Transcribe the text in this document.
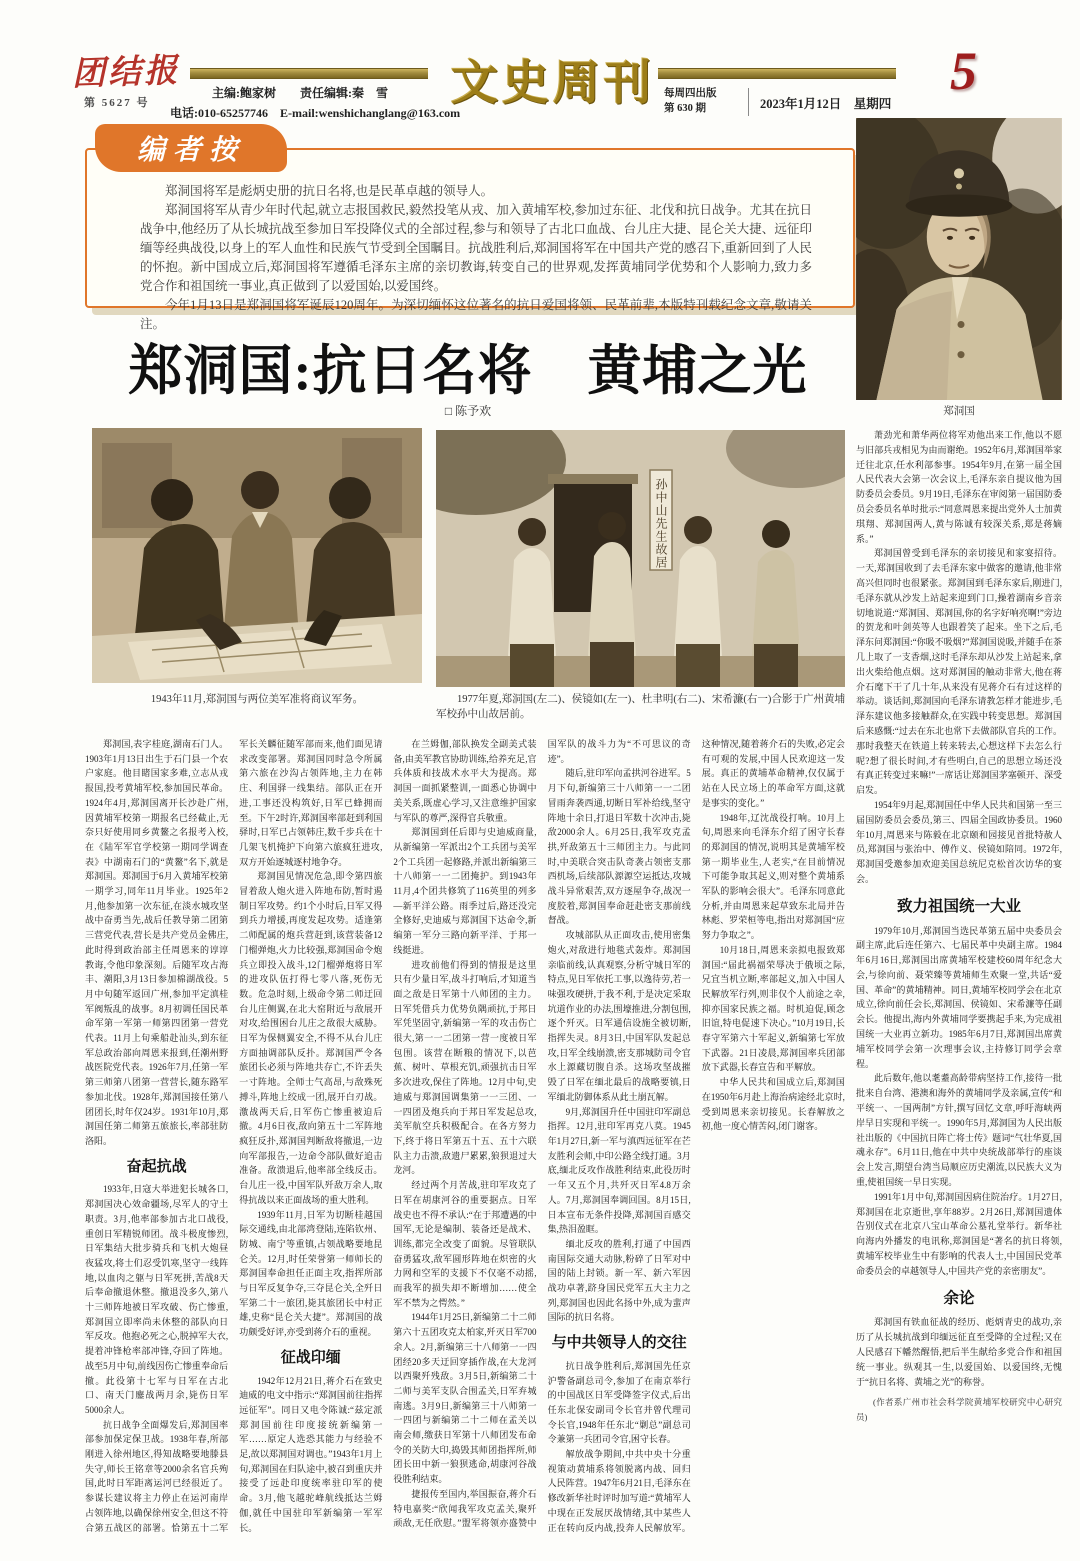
团结报
第 5627 号
主编:鲍家树　　责任编辑:秦　雪
电话:010-65257746　E-mail:wenshichanglang@163.com
文史周刊 每周四出版
第 630 期	2023年1月12日　星期四
5
编者按

郑洞国将军是彪炳史册的抗日名将,也是民革卓越的领导人。

郑洞国将军从青少年时代起,就立志报国救民,毅然投笔从戎、加入黄埔军校,参加过东征、北伐和抗日战争。尤其在抗日战争中,他经历了从长城抗战至参加日军投降仪式的全部过程,参与和领导了古北口血战、台儿庄大捷、昆仑关大捷、远征印缅等经典战役,以身上的军人血性和民族气节受到全国瞩目。抗战胜利后,郑洞国将军在中国共产党的感召下,重新回到了人民的怀抱。新中国成立后,郑洞国将军遵循毛泽东主席的亲切教诲,转变自己的世界观,发挥黄埔同学优势和个人影响力,致力多党合作和祖国统一事业,真正做到了以爱国始,以爱国终。

今年1月13日是郑洞国将军诞辰120周年。为深切缅怀这位著名的抗日爱国将领、民革前辈,本版特刊载纪念文章,敬请关注。

郑洞国
郑洞国:抗日名将　黄埔之光
□ 陈予欢
1943年11月,郑洞国与两位美军准将商议军务。
孙中山先生故居
1977年夏,郑洞国(左二)、侯镜如(左一)、杜聿明(右二)、宋希濂(右一)合影于广州黄埔军校孙中山故居前。

郑洞国,表字桂庭,湖南石门人。1903年1月13日出生于石门县一个农户家庭。他目睹国家多难,立志从戎报国,投考黄埔军校,参加国民革命。1924年4月,郑洞国离开长沙赴广州,因黄埔军校第一期报名已经截止,无奈只好使用同乡黄鳌之名报考入校,在《陆军军官学校第一期同学调查表》中湖南石门的“黄鳌”名下,就是郑洞国。郑洞国于6月入黄埔军校第一期学习,同年11月毕业。1925年2月,他参加第一次东征,在淡水城攻坚战中奋勇当先,战后任教导第二团第三营党代表,营长是共产党员金佛庄,此时得到政治部主任周恩来的谆谆教诲,令他印象深刻。后随军攻占海丰、潮阳,3月13日参加棉湖战役。5月中旬随军返回广州,参加平定滇桂军阀叛乱的战事。8月初调任国民革命军第一军第一师第四团第一营党代表。11月上旬乘船赴汕头,到东征军总政治部向周恩来报到,任潮州野战医院党代表。1926年7月,任第一军第三师第八团第一营营长,随东路军参加北伐。1928年,郑洞国接任第八团团长,时年仅24岁。1931年10月,郑洞国任第二师第五旅旅长,率部驻防洛阳。

奋起抗战

1933年,日寇大举进犯长城各口,郑洞国决心效命疆场,尽军人的守土职责。3月,他率部参加古北口战役,重创日军精锐师团。战斗极度惨烈,日军集结大批步骑兵和飞机大炮昼夜猛攻,将士们忍受饥寒,坚守一线阵地,以血肉之躯与日军死拼,苦战8天后奉命撤退休整。撤退没多久,第八十三师阵地被日军攻破、伤亡惨重,郑洞国立即率尚未休整的部队向日军反攻。他抱必死之心,脱掉军大衣,提着冲锋枪率部冲锋,夺回了阵地。战至5月中旬,前线因伤亡惨重奉命后撤。此役第十七军与日军在古北口、南天门鏖战两月余,毙伤日军5000余人。

抗日战争全面爆发后,郑洞国率部参加保定保卫战。1938年春,所部刚进入徐州地区,得知战略要地滕县失守,师长王铭章等2000余名官兵殉国,此时日军距离运河已经很近了。参谋长建议将主力停止在运河南岸占领阵地,以确保徐州安全,但这不符合第五战区的部署。恰第五十二军军长关麟征随军部而来,他们面见请求改变部署。郑洞国同时急令所属第六旅在沙沟占领阵地,主力在韩庄、利国驿一线集结。部队正在开进,工事还没构筑好,日军已蜂拥而至。下午2时许,郑洞国率部赶到利国驿时,日军已占领韩庄,数千步兵在十几架飞机掩护下向第六旅疯狂进攻,双方开始逐城逐村地争夺。

郑洞国见情况危急,即令第四旅冒着敌人炮火进入阵地布防,暂时遏制日军攻势。约1个小时后,日军又得到兵力增援,再度发起攻势。适逢第二师配属的炮兵营赶到,该营装备12门榴弹炮,火力比较强,郑洞国命令炮兵立即投入战斗,12门榴弹炮将日军的进攻队伍打得七零八落,死伤无数。危急时刻,上级命令第二师迂回台儿庄侧翼,在北大窑附近与敌展开对攻,给围困台儿庄之敌很大威胁。日军为保侧翼安全,不得不从台儿庄方面抽调部队反扑。郑洞国严令各旅团长必须与阵地共存亡,不许丢失一寸阵地。全师士气高昂,与敌殊死搏斗,阵地上绞成一团,展开白刃战。激战两天后,日军伤亡惨重被迫后撤。4月6日夜,敌向第五十二军阵地疯狂反扑,郑洞国判断敌将撤退,一边向军部报告,一边命令部队做好追击准备。敌溃退后,他率部全线反击。台儿庄一役,中国军队歼敌万余人,取得抗战以来正面战场的重大胜利。

1939年11月,日军为切断桂越国际交通线,由北部湾登陆,连陷钦州、防城、南宁等重镇,占领战略要地昆仑关。12月,时任荣誉第一师师长的郑洞国奉命担任正面主攻,指挥所部与日军反复争夺,三夺昆仑关,全歼日军第二十一旅团,毙其旅团长中村正雄,史称“昆仑关大捷”。郑洞国的战功颇受好评,亦受到蒋介石的重视。

征战印缅

1942年12月21日,蒋介石在致史迪威的电文中指示:“郑洞国前往指挥远征军”。同日又电令陈诚:“兹定派郑洞国前往印度接统新编第一军……原定人选恐其能力与经验不足,故以郑洞国对调也。”1943年1月上旬,郑洞国在归队途中,被召到重庆并接受了远赴印度统率驻印军的使命。3月,他飞越驼峰航线抵达兰姆伽,就任中国驻印军新编第一军军长。

在兰姆伽,部队换发全副美式装备,由美军教官协助训练,给养充足,官兵体质和技战术水平大为提高。郑洞国一面抓紧整训,一面悉心协调中美关系,既虚心学习,又注意维护国家与军队的尊严,深得官兵敬重。

郑洞国到任后即与史迪威商量,从新编第一军派出2个工兵团与美军2个工兵团一起修路,并派出新编第三十八师第一一二团掩护。到1943年11月,4个团共修筑了116英里的列多—新平洋公路。雨季过后,路还没完全修好,史迪威与郑洞国下达命令,新编第一军分三路向新平洋、于邦一线挺进。

进攻前他们得到的情报是这里只有少量日军,战斗打响后,才知道当面之敌是日军第十八师团的主力。日军凭借兵力优势负隅顽抗,于邦日军凭坚固守,新编第一军的攻击伤亡很大,第一一二团第一营一度被日军包围。该营在断粮的情况下,以芭蕉、树叶、草根充饥,顽强抗击日军多次进攻,保住了阵地。12月中旬,史迪威与郑洞国调集第一一三团、一一四团及炮兵向于邦日军发起总攻,美军航空兵积极配合。在各方努力下,终于将日军第五十五、五十六联队主力击溃,敌遗尸累累,狼狈退过大龙河。

经过两个月苦战,驻印军攻克了日军在胡康河谷的重要据点。日军战史也不得不承认:“在于邦遭遇的中国军,无论是编制、装备还是战术、训练,都完全改变了面貌。尽管联队奋勇猛攻,敌军圆形阵地在炽密的火力网和空军的支援下不仅毫不动摇,而我军的损失却不断增加……使全军不禁为之愕然。”

1944年1月25日,新编第二十二师第六十五团攻克太柏家,歼灭日军700余人。2月,新编第三十八师第一一四团经20多天迂回穿插作战,在大龙河以西聚歼残敌。3月5日,新编第二十二师与美军支队合围孟关,日军弃城南逃。3月9日,新编第三十八师第一一四团与新编第二十二师在孟关以南会师,缴获日军第十八师团发布命令的关防大印,捣毁其师团指挥所,师团长田中新一狼狈逃命,胡康河谷战役胜利结束。

捷报传至国内,举国振奋,蒋介石特电嘉奖:“欣闻我军攻克孟关,聚歼顽敌,无任欣慰。”盟军将领亦盛赞中国军队的战斗力为“不可思议的奇迹”。

随后,驻印军向孟拱河谷进军。5月下旬,新编第三十八师第一一二团冒雨奔袭西通,切断日军补给线,坚守阵地十余日,打退日军数十次冲击,毙敌2000余人。6月25日,我军攻克孟拱,歼敌第五十三师团主力。与此同时,中美联合突击队奇袭占领密支那西机场,后续部队源源空运抵达,攻城战斗异常艰苦,双方逐屋争夺,战况一度胶着,郑洞国奉命赶赴密支那前线督战。

攻城部队从正面攻击,使用密集炮火,对敌进行地毯式轰炸。郑洞国亲临前线,认真观察,分析守城日军的特点,见日军依托工事,以逸待劳,若一味强攻硬拼,于我不利,于是决定采取坑道作业的办法,围壕推进,分割包围,逐个歼灭。日军通信设施全被切断,指挥失灵。8月3日,中国军队发起总攻,日军全线崩溃,密支那城防司令官水上源藏切腹自杀。这场攻坚战摧毁了日军在缅北最后的战略要镇,日军缅北防御体系从此土崩瓦解。

9月,郑洞国升任中国驻印军副总指挥。12月,驻印军再克八莫。1945年1月27日,新一军与滇西远征军在芒友胜利会师,中印公路全线打通。3月底,缅北反攻作战胜利结束,此役历时一年又五个月,共歼灭日军4.8万余人。7月,郑洞国奉调回国。8月15日,日本宣布无条件投降,郑洞国百感交集,热泪盈眶。

缅北反攻的胜利,打通了中国西南国际交通大动脉,粉碎了日军对中国的陆上封锁。新一军、新六军因战功卓著,跻身国民党军五大主力之列,郑洞国也因此名扬中外,成为蜚声国际的抗日名将。

与中共领导人的交往

抗日战争胜利后,郑洞国先任京沪警备副总司令,参加了在南京举行的中国战区日军受降签字仪式,后出任东北保安副司令长官并曾代理司令长官,1948年任东北“剿总”副总司令兼第一兵团司令官,困守长春。

解放战争期间,中共中央十分重视策动黄埔系将领脱离内战、回归人民阵营。1947年6月21日,毛泽东在修改新华社时评时加写道:“黄埔军人中现在正发展厌战情绪,其中某些人正在转向反内战,投奔人民解放军。这种情况,随着蒋介石的失败,必定会有可观的发展,中国人民欢迎这一发展。真正的黄埔革命精神,仅仅属于站在人民立场上的革命军方面,这就是事实的变化。”

1948年,辽沈战役打响。10月上旬,周恩来向毛泽东介绍了困守长春的郑洞国的情况,说明其是黄埔军校第一期毕业生,人老实,“在目前情况下可能争取其起义,则对整个黄埔系军队的影响会很大”。毛泽东同意此分析,并由周恩来起草致东北局并告林彪、罗荣桓等电,指出对郑洞国“应努力争取之”。

10月18日,周恩来亲拟电报致郑洞国:“届此祸福荣辱决于俄顷之际,兄宜当机立断,率部起义,加入中国人民解放军行列,则非仅个人前途之幸,抑亦国家民族之福。时机迫促,顾念旧谊,特电促速下决心。”10月19日,长春守军第六十军起义,新编第七军放下武器。21日凌晨,郑洞国率兵团部放下武器,长春宣告和平解放。

中华人民共和国成立后,郑洞国在1950年6月赴上海治病途经北京时,受到周恩来亲切接见。长春解放之初,他一度心情苦闷,闭门谢客。

萧劲光和萧华两位将军劝他出来工作,他以不愿与旧部兵戎相见为由而谢绝。1952年6月,郑洞国举家迁往北京,任水利部参事。1954年9月,在第一届全国人民代表大会第一次会议上,毛泽东亲自提议他为国防委员会委员。9月19日,毛泽东在审阅第一届国防委员会委员名单时批示:“同意周恩来提出党外人士加黄琪翔、郑洞国两人,黄与陈诚有较深关系,郑是蒋嫡系。”

郑洞国曾受到毛泽东的亲切接见和家宴招待。一天,郑洞国收到了去毛泽东家中做客的邀请,他非常高兴但同时也很紧张。郑洞国到毛泽东家后,刚进门,毛泽东就从沙发上站起来迎到门口,操着湖南乡音亲切地说道:“郑洞国、郑洞国,你的名字好响亮啊!”旁边的贺龙和叶剑英等人也跟着笑了起来。坐下之后,毛泽东问郑洞国:“你吸不吸烟?”郑洞国说吸,并随手在茶几上取了一支香烟,这时毛泽东却从沙发上站起来,拿出火柴给他点烟。这对郑洞国的触动非常大,他在蒋介石麾下干了几十年,从来没有见蒋介石有过这样的举动。谈话间,郑洞国向毛泽东请教怎样才能进步,毛泽东建议他多接触群众,在实践中转变思想。郑洞国后来感慨:“过去在东北也常下去做部队官兵的工作。那时我整天在铁道上转来转去,心想这样下去怎么行呢?想了很长时间,才有些明白,自己的思想立场还没有真正转变过来嘛!”一席话让郑洞国茅塞顿开、深受启发。

1954年9月起,郑洞国任中华人民共和国第一至三届国防委员会委员,第三、四届全国政协委员。1960年10月,周恩来与陈毅在北京颐和园接见首批特赦人员,郑洞国与张治中、傅作义、侯镜如陪同。1972年,郑洞国受邀参加欢迎美国总统尼克松首次访华的宴会。

致力祖国统一大业

1979年10月,郑洞国当选民革第五届中央委员会副主席,此后连任第六、七届民革中央副主席。1984年6月16日,郑洞国出席黄埔军校建校60周年纪念大会,与徐向前、聂荣臻等黄埔师生欢聚一堂,共话“爱国、革命”的黄埔精神。同日,黄埔军校同学会在北京成立,徐向前任会长,郑洞国、侯镜如、宋希濂等任副会长。他提出,海内外黄埔同学要携起手来,为完成祖国统一大业再立新功。1985年6月7日,郑洞国出席黄埔军校同学会第一次理事会议,主持修订同学会章程。

此后数年,他以耄耋高龄带病坚持工作,接待一批批来自台湾、港澳和海外的黄埔同学及亲属,宣传“和平统一、一国两制”方针,撰写回忆文章,呼吁海峡两岸早日实现和平统一。1990年5月,郑洞国为人民出版社出版的《中国抗日阵亡将士传》题词“气壮华夏,国魂永存”。6月11日,他在中共中央统战部举行的座谈会上发言,期望台湾当局顺应历史潮流,以民族大义为重,使祖国统一早日实现。

1991年1月中旬,郑洞国因病住院治疗。1月27日,郑洞国在北京逝世,享年88岁。2月26日,郑洞国遗体告别仪式在北京八宝山革命公墓礼堂举行。新华社向海内外播发的电讯称,郑洞国是“著名的抗日将领,黄埔军校毕业生中有影响的代表人士,中国国民党革命委员会的卓越领导人,中国共产党的亲密朋友”。

余论

郑洞国有铁血征战的经历、彪炳青史的战功,亲历了从长城抗战到印缅远征直至受降的全过程;又在人民感召下幡然醒悟,把后半生献给多党合作和祖国统一事业。纵观其一生,以爱国始、以爱国终,无愧于“抗日名将、黄埔之光”的称誉。

(作者系广州市社会科学院黄埔军校研究中心研究员)
